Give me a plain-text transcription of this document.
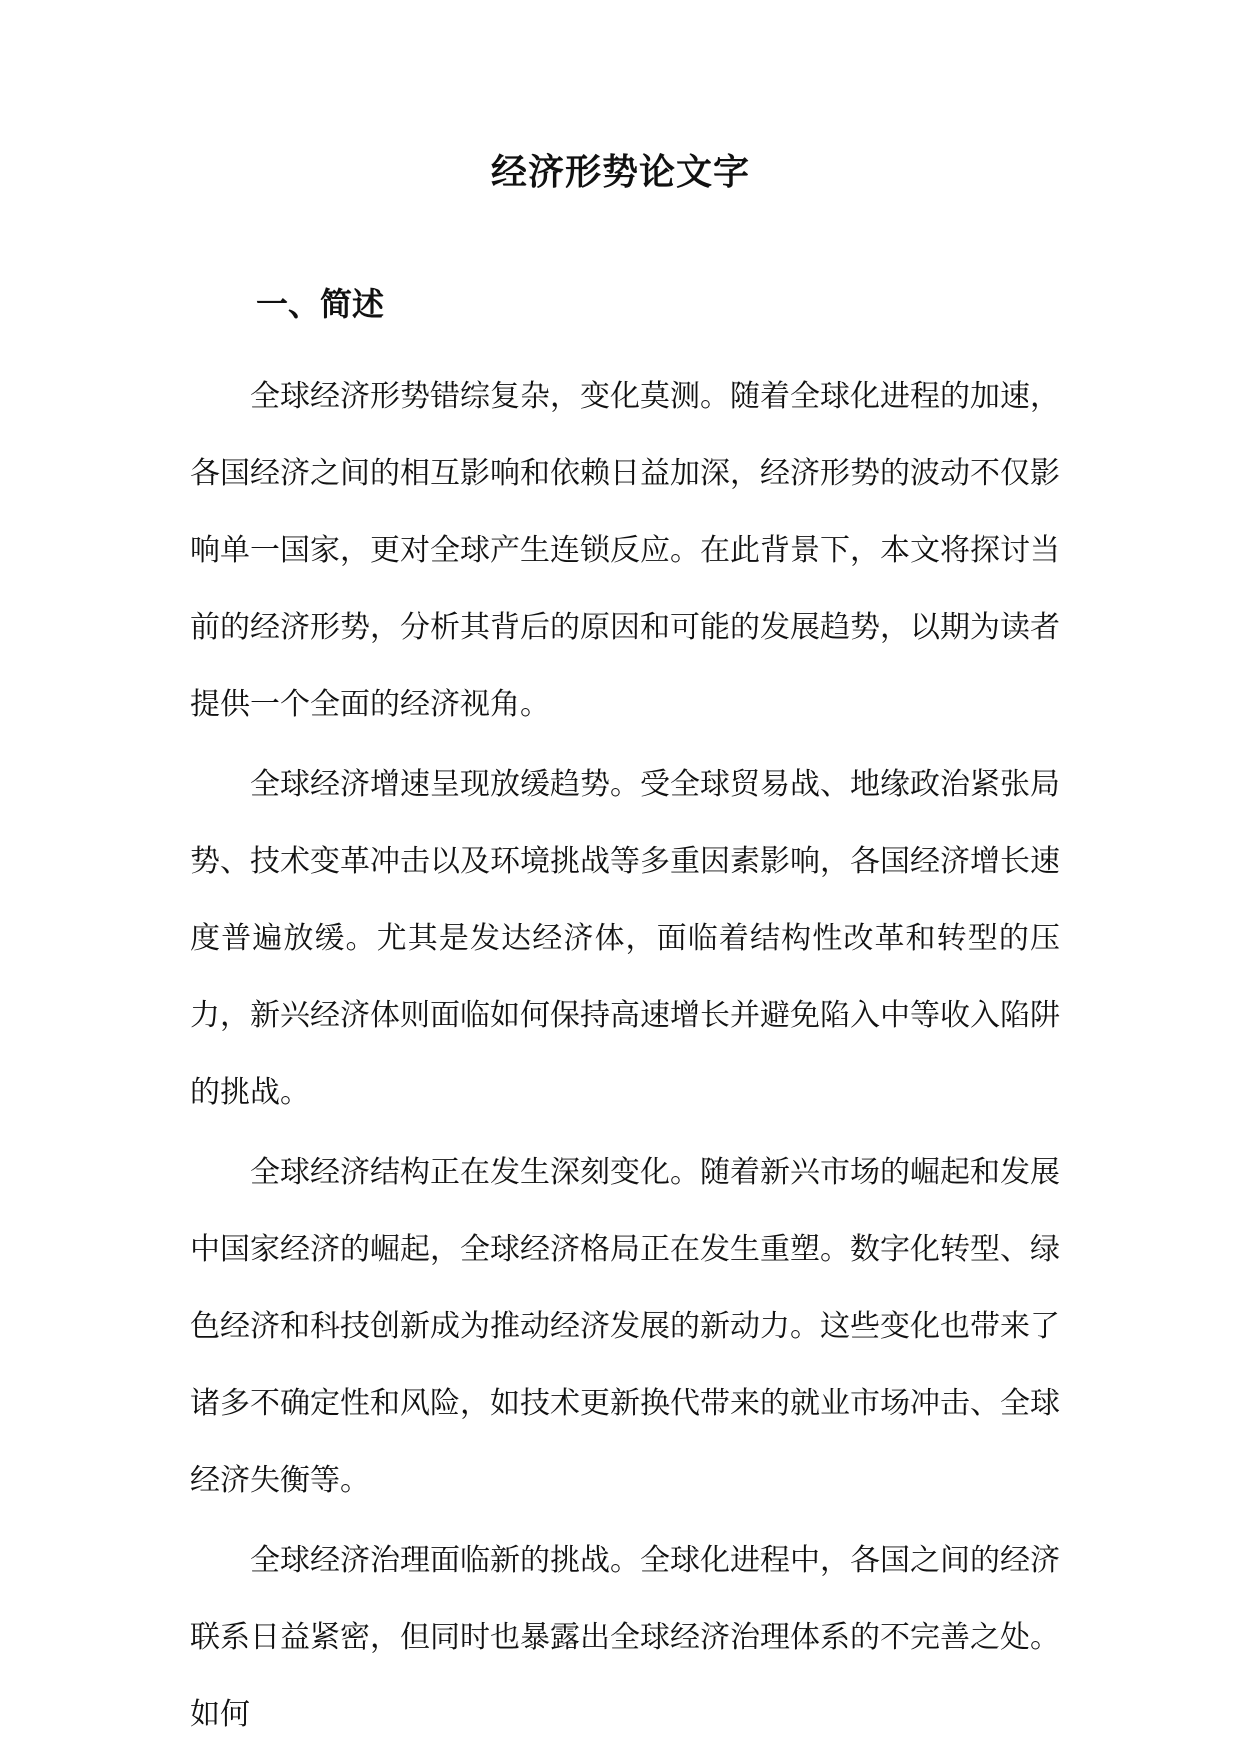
经济形势论文字
一、简述

全球经济形势错综复杂，变化莫测。随着全球化进程的加速，各国经济之间的相互影响和依赖日益加深，经济形势的波动不仅影响单一国家，更对全球产生连锁反应。在此背景下，本文将探讨当前的经济形势，分析其背后的原因和可能的发展趋势，以期为读者提供一个全面的经济视角。

全球经济增速呈现放缓趋势。受全球贸易战、地缘政治紧张局势、技术变革冲击以及环境挑战等多重因素影响，各国经济增长速度普遍放缓。尤其是发达经济体，面临着结构性改革和转型的压力，新兴经济体则面临如何保持高速增长并避免陷入中等收入陷阱的挑战。

全球经济结构正在发生深刻变化。随着新兴市场的崛起和发展中国家经济的崛起，全球经济格局正在发生重塑。数字化转型、绿色经济和科技创新成为推动经济发展的新动力。这些变化也带来了诸多不确定性和风险，如技术更新换代带来的就业市场冲击、全球经济失衡等。

全球经济治理面临新的挑战。全球化进程中，各国之间的经济联系日益紧密，但同时也暴露出全球经济治理体系的不完善之处。如何
